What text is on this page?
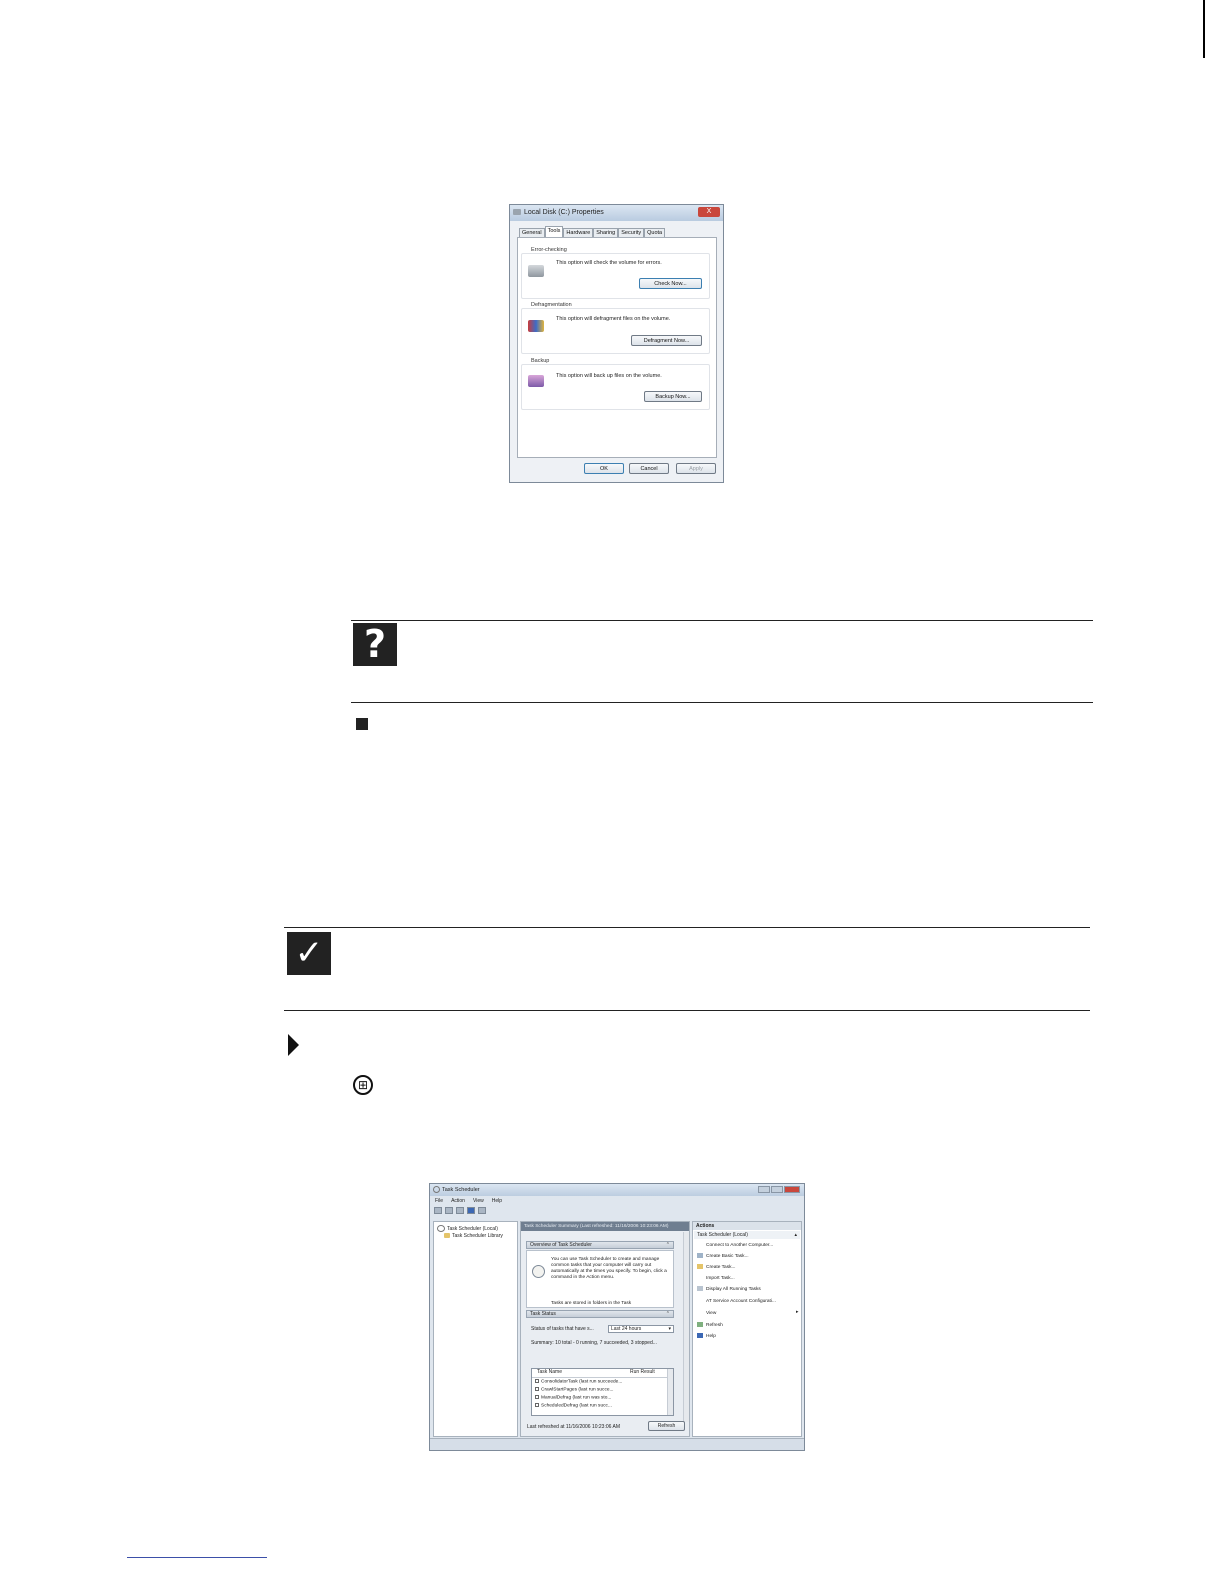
Local Disk (C:) Properties	X
General	Tools	Hardware	Sharing	Security	Quota
Error-checking
This option will check the volume for errors.
Check Now...
Defragmentation
This option will defragment files on the volume.
Defragment Now...
Backup
This option will back up files on the volume.
Backup Now...
OK	Cancel	Apply
?
✓
⊞
Task Scheduler
File Action View Help
Task Scheduler (Local)
Task Scheduler Library
Task Scheduler Summary (Last refreshed: 11/16/2006 10:23:06 AM)
Overview of Task Scheduler	⌃
You can use Task Scheduler to create and manage common tasks that your computer will carry out automatically at the times you specify. To begin, click a command in the Action menu.
Tasks are stored in folders in the Task
Task Status	⌃
Status of tasks that have s...	Last 24 hours	▾
Summary: 10 total - 0 running, 7 succeeded, 3 stopped...
Task Name	Run Result
ConsolidatorTask (last run succeede...
CrawlStartPages (last run succe...
ManualDefrag (last run was sto...
ScheduledDefrag (last run succ...
Last refreshed at 11/16/2006 10:23:06 AM	Refresh
Actions
Task Scheduler (Local)	▴
Connect to Another Computer...
Create Basic Task...
Create Task...
Import Task...
Display All Running Tasks
AT Service Account Configurati...
View	▸
Refresh
Help
